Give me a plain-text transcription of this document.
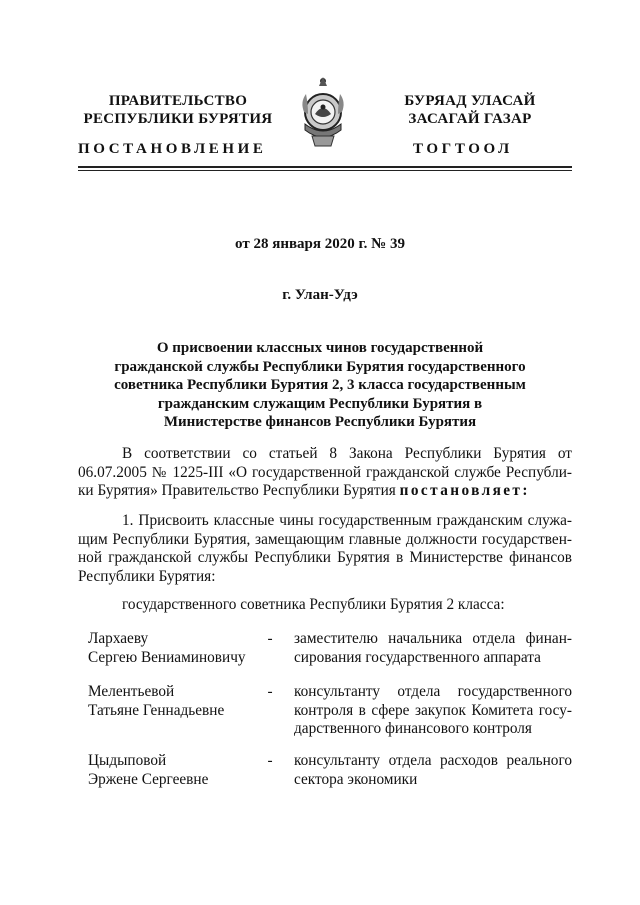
ПРАВИТЕЛЬСТВО
РЕСПУБЛИКИ БУРЯТИЯ
БУРЯАД УЛАСАЙ
ЗАСАГАЙ ГАЗАР
ПОСТАНОВЛЕНИЕ	ТОГТООЛ
от 28 января 2020 г. № 39
г. Улан-Удэ
О присвоении классных чинов государственной
гражданской службы Республики Бурятия государственного
советника Республики Бурятия 2, 3 класса государственным
гражданским служащим Республики Бурятия в
Министерстве финансов Республики Бурятия
В соответствии со статьей 8 Закона Республики Бурятия от
06.07.2005 № 1225-III «О государственной гражданской службе Республи-
ки Бурятия» Правительство Республики Бурятия постановляет:
1. Присвоить классные чины государственным гражданским служа-
щим Республики Бурятия, замещающим главные должности государствен-
ной гражданской службы Республики Бурятия в Министерстве финансов
Республики Бурятия:
государственного советника Республики Бурятия 2 класса:
Лархаеву
Сергею Вениаминовичу
-	заместителю начальника отдела финан-
сирования государственного аппарата
Мелентьевой
Татьяне Геннадьевне
-	консультанту отдела государственного
контроля в сфере закупок Комитета госу-
дарственного финансового контроля
Цыдыповой
Эржене Сергеевне
-	консультанту отдела расходов реального
сектора экономики
